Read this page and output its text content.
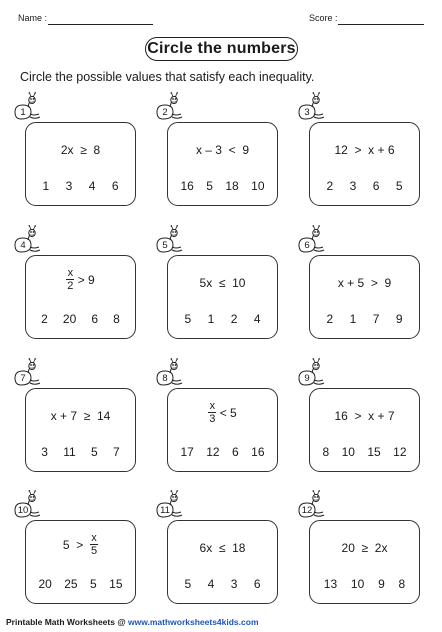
Name :	Score :
Circle the numbers
Circle the possible values that satisfy each inequality.
2x  ≥  8
1 3 4 6
1
x – 3  <  9
16 5 18 10
2
12  >  x + 6
2 3 6 5
3
$\frac{x}{2} > 9$
2 20 6 8
4
5x  ≤  10
5 1 2 4
5
x + 5  >  9
2 1 7 9
6
x + 7  ≥  14
3 11 5 7
7
$\frac{x}{3} < 5$
17 12 6 16
8
16  >  x + 7
8 10 15 12
9
$5 > \frac{x}{5}$
20 25 5 15
10
6x  ≤  18
5 4 3 6
11
20  ≥  2x
13 10 9 8
12
Printable Math Worksheets @ www.mathworksheets4kids.com
